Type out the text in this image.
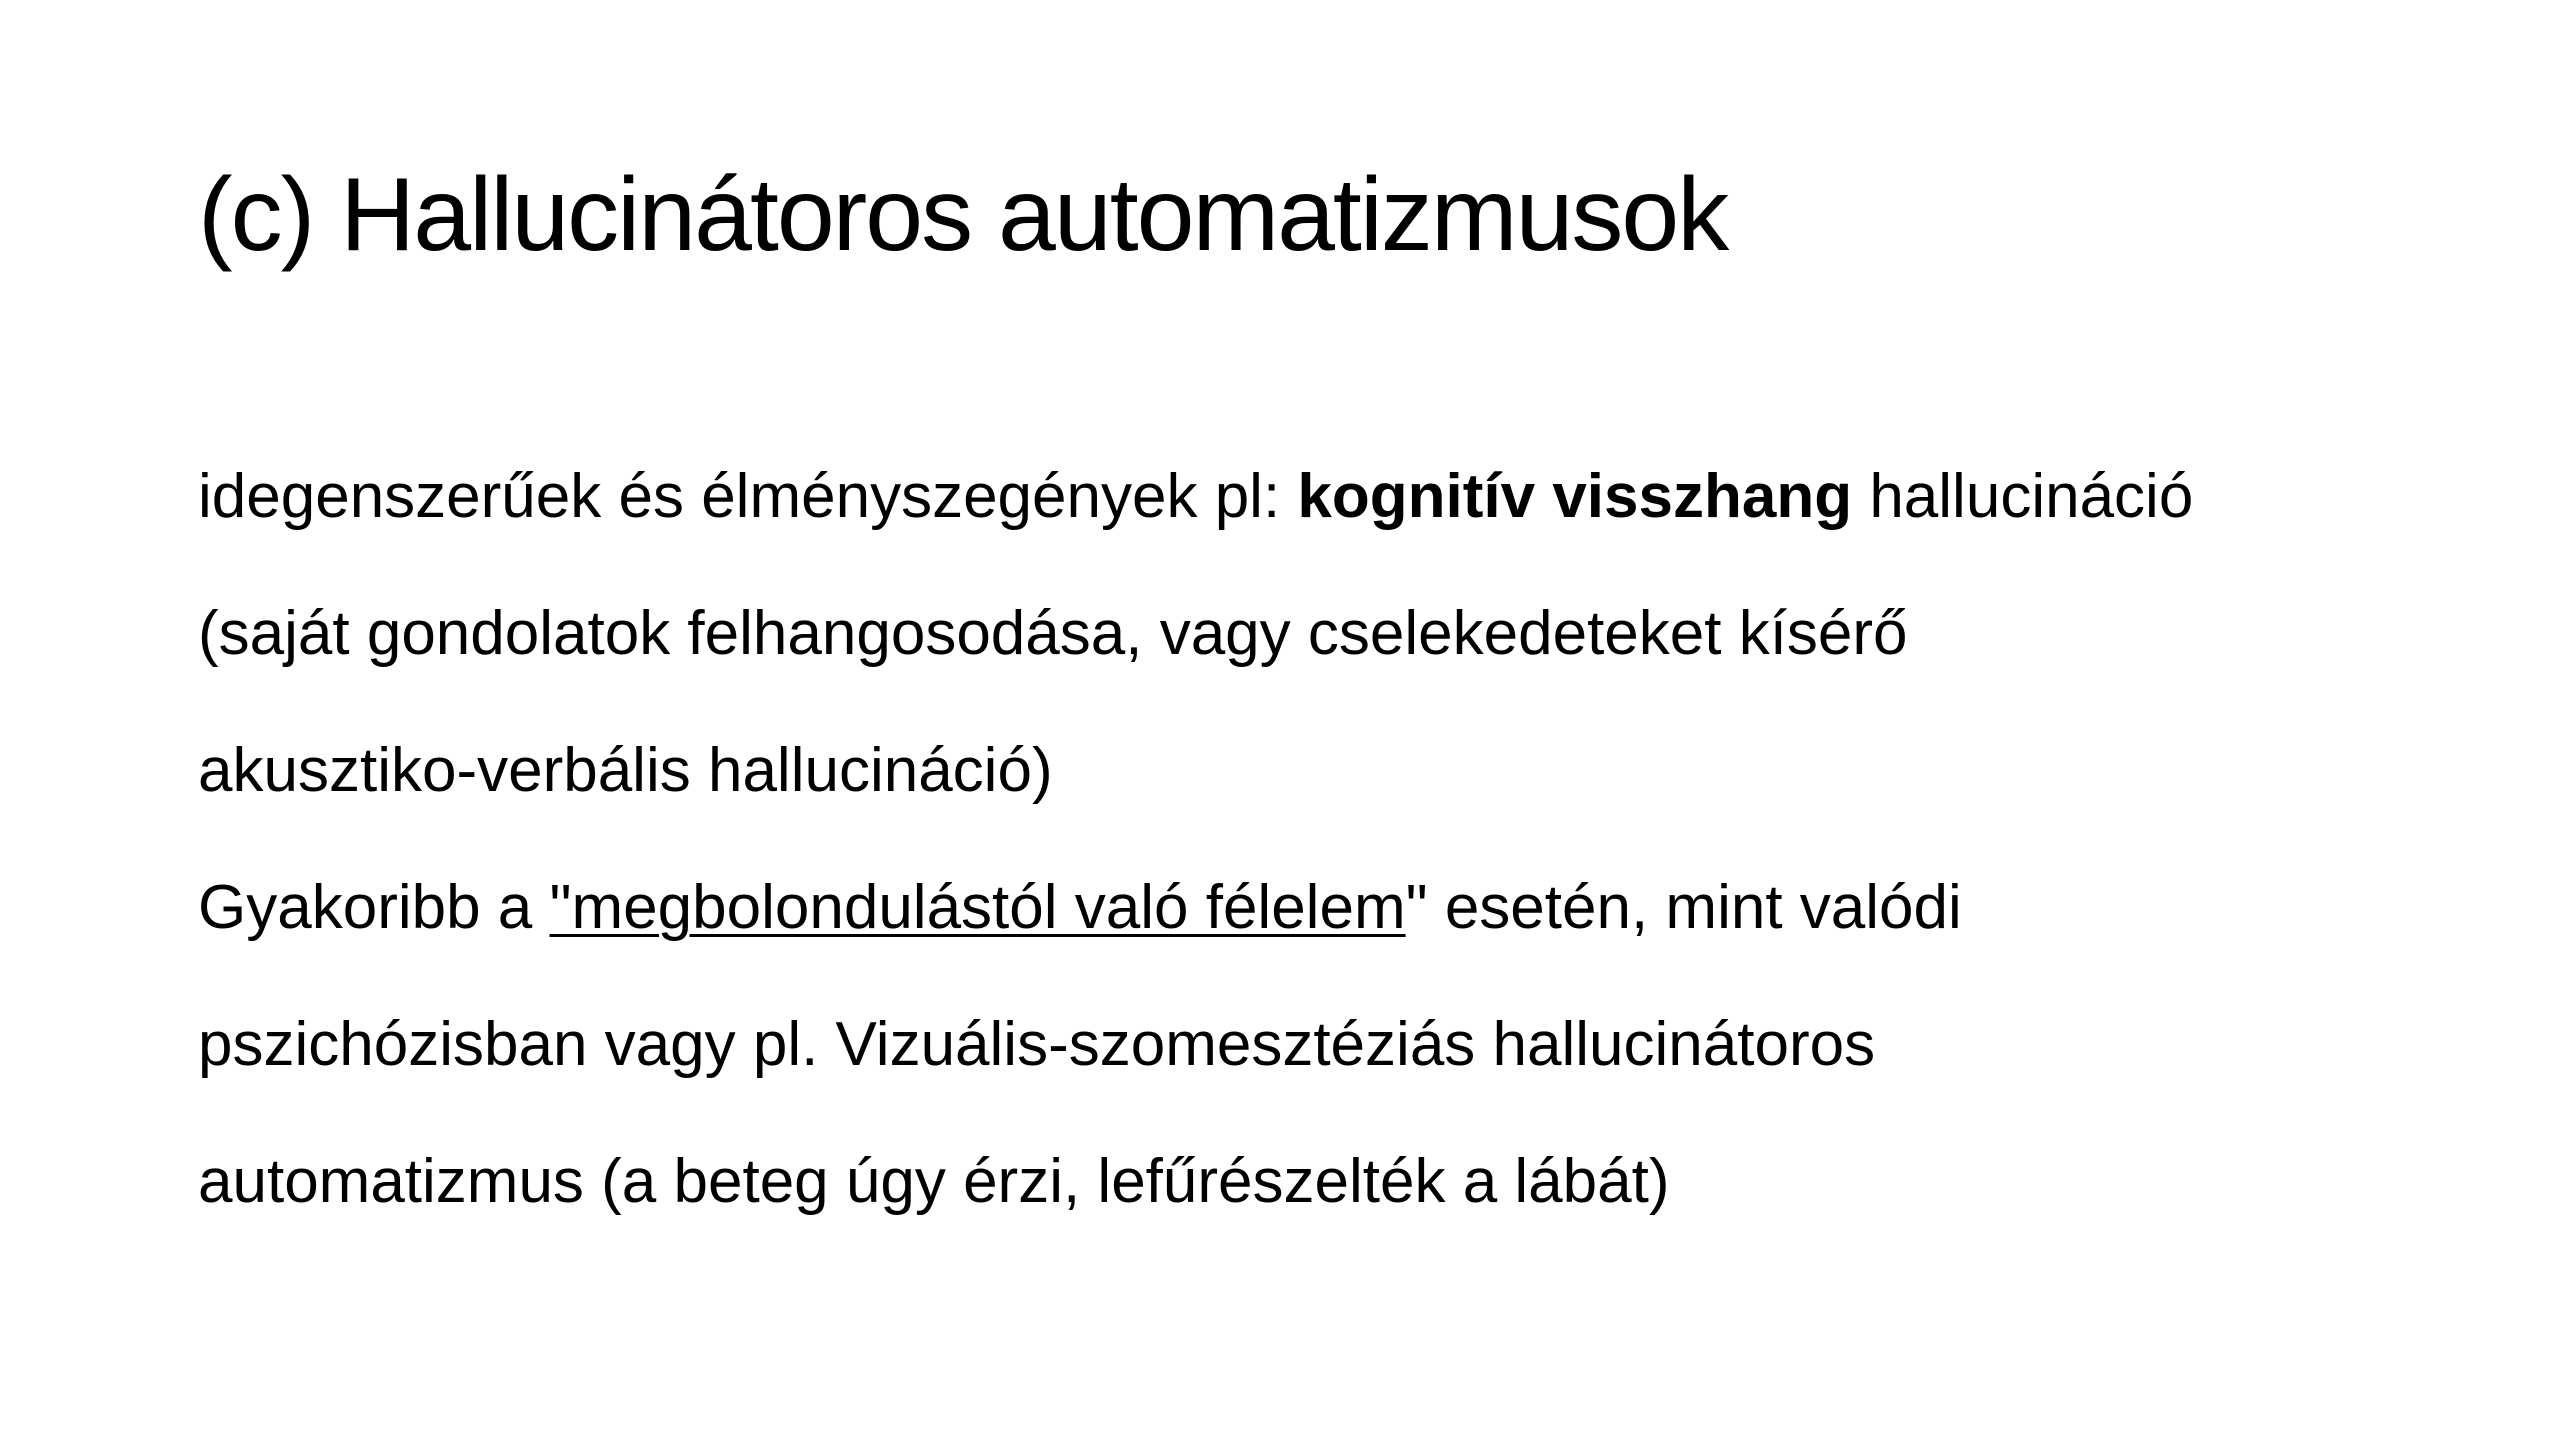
(c) Hallucinátoros automatizmusok

idegenszerűek és élményszegények pl: kognitív visszhang hallucináció
(saját gondolatok felhangosodása, vagy cselekedeteket kísérő
akusztiko-verbális hallucináció)

Gyakoribb a "megbolondulástól való félelem" esetén, mint valódi
pszichózisban vagy pl. Vizuális-szomesztéziás hallucinátoros
automatizmus (a beteg úgy érzi, lefűrészelték a lábát)
